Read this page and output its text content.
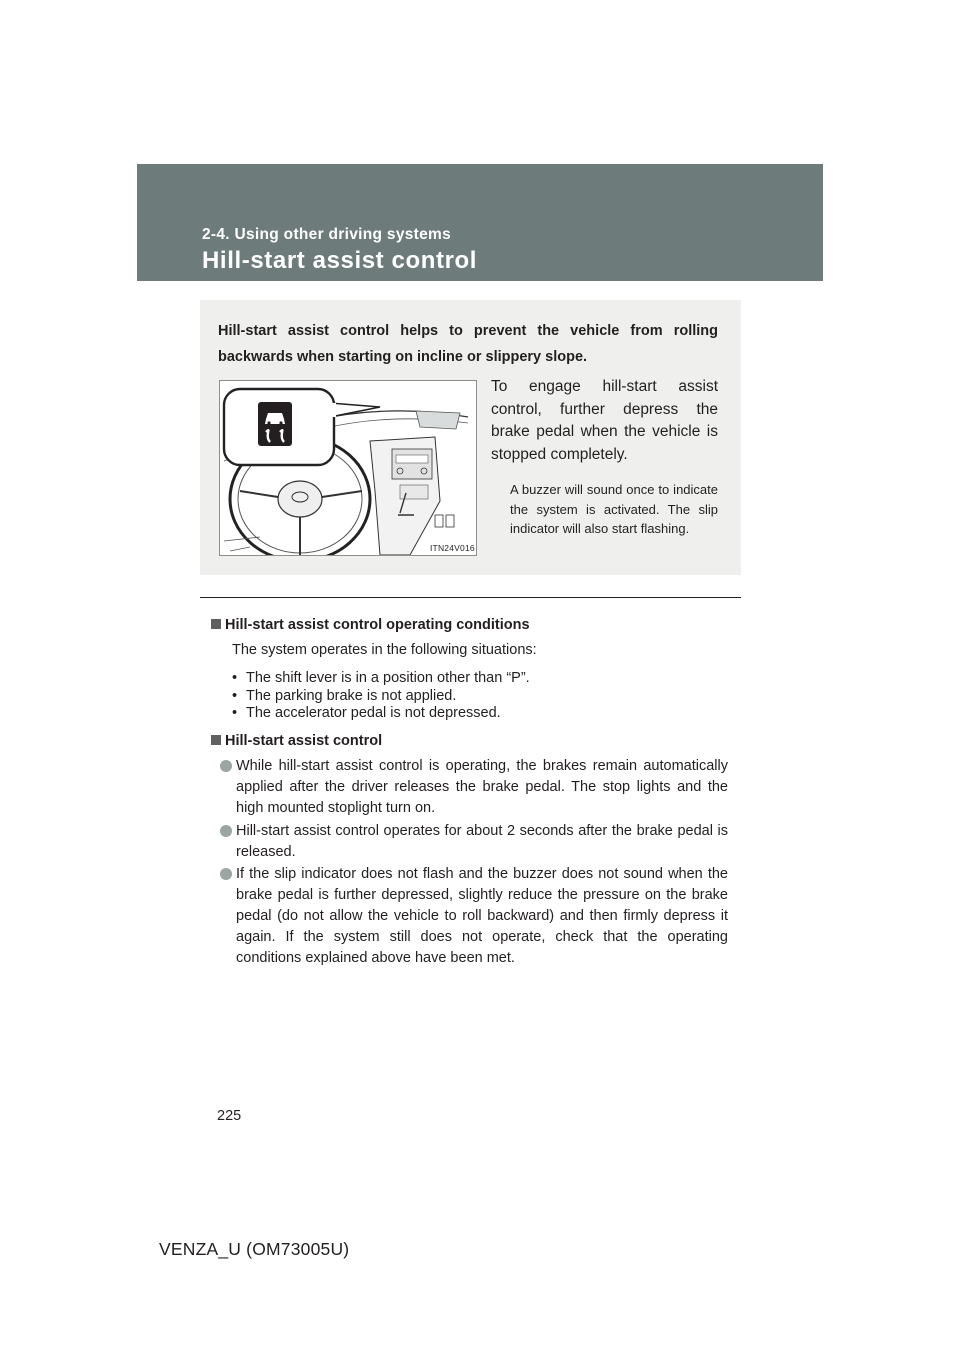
2-4. Using other driving systems
Hill-start assist control
Hill-start assist control helps to prevent the vehicle from rolling backwards when starting on incline or slippery slope.
ITN24V016
To engage hill-start assist control, further depress the brake pedal when the vehicle is stopped completely.
A buzzer will sound once to indicate the system is activated. The slip indicator will also start flashing.
Hill-start assist control operating conditions
The system operates in the following situations:
• The shift lever is in a position other than “P”.
• The parking brake is not applied.
• The accelerator pedal is not depressed.
Hill-start assist control
While hill-start assist control is operating, the brakes remain automatically applied after the driver releases the brake pedal. The stop lights and the high mounted stoplight turn on.
Hill-start assist control operates for about 2 seconds after the brake pedal is released.
If the slip indicator does not flash and the buzzer does not sound when the brake pedal is further depressed, slightly reduce the pressure on the brake pedal (do not allow the vehicle to roll backward) and then firmly depress it again. If the system still does not operate, check that the operating conditions explained above have been met.
225
VENZA_U (OM73005U)
